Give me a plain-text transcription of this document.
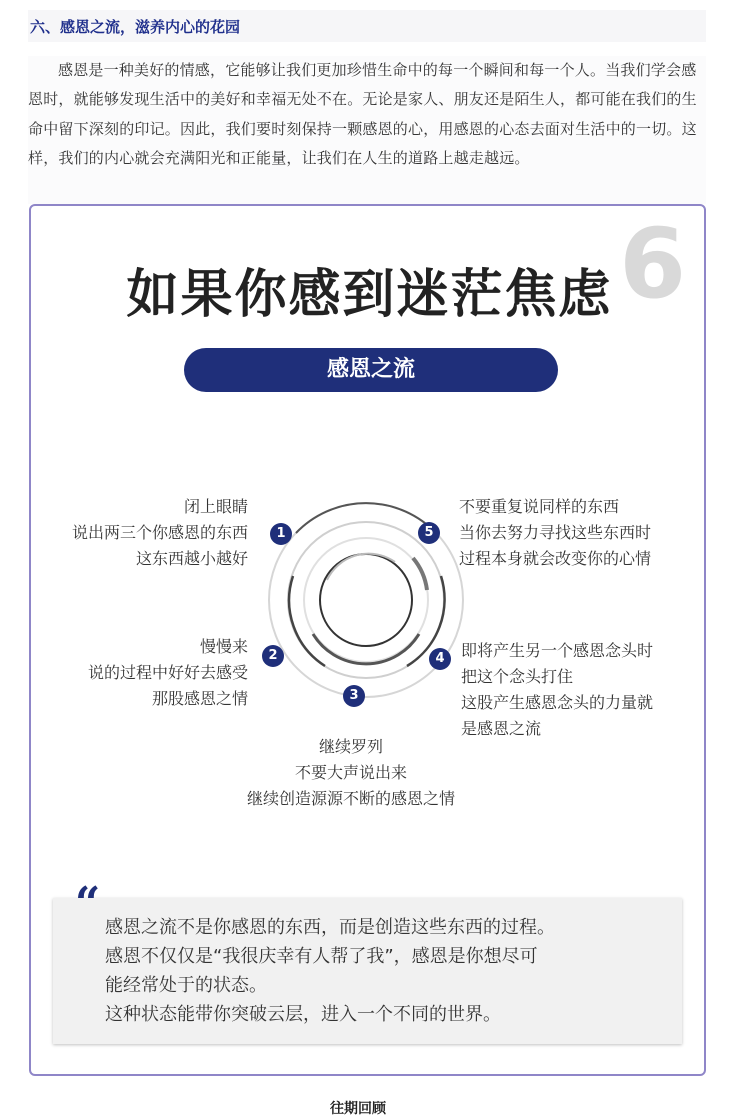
六、感恩之流，滋养内心的花园

感恩是一种美好的情感，它能够让我们更加珍惜生命中的每一个瞬间和每一个人。当我们学会感恩时，就能够发现生活中的美好和幸福无处不在。无论是家人、朋友还是陌生人，都可能在我们的生命中留下深刻的印记。因此，我们要时刻保持一颗感恩的心，用感恩的心态去面对生活中的一切。这样，我们的内心就会充满阳光和正能量，让我们在人生的道路上越走越远。

6
如果你感到迷茫焦虑
感恩之流
1
2
3
4
5
闭上眼睛
说出两三个你感恩的东西
这东西越小越好
慢慢来
说的过程中好好去感受
那股感恩之情
继续罗列
不要大声说出来
继续创造源源不断的感恩之情
即将产生另一个感恩念头时
把这个念头打住
这股产生感恩念头的力量就
是感恩之流
不要重复说同样的东西
当你去努力寻找这些东西时
过程本身就会改变你的心情
感恩之流不是你感恩的东西，而是创造这些东西的过程。
感恩不仅仅是“我很庆幸有人帮了我”，感恩是你想尽可
能经常处于的状态。
这种状态能带你突破云层，进入一个不同的世界。
“
往期回顾
